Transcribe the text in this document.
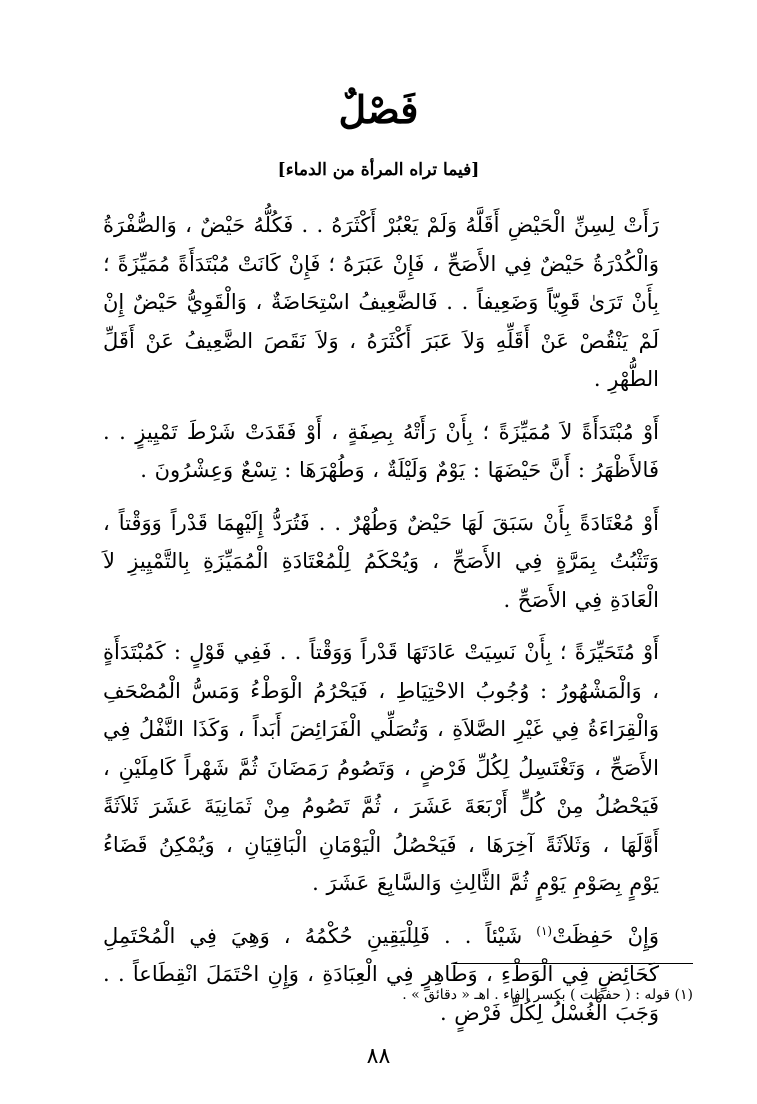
فَصْلٌ
[فيما تراه المرأة من الدماء]

رَأَتْ لِسِنِّ الْحَيْضِ أَقَلَّهُ وَلَمْ يَعْبُرْ أَكْثَرَهُ . . فَكُلُّهُ حَيْضٌ ، وَالصُّفْرَةُ وَالْكُدْرَةُ حَيْضٌ فِي الأَصَحِّ ، فَإِنْ عَبَرَهُ ؛ فَإِنْ كَانَتْ مُبْتَدَأَةً مُمَيِّزَةً ؛ بِأَنْ تَرَىٰ قَوِيّاً وَضَعِيفاً . . فَالضَّعِيفُ اسْتِحَاضَةٌ ، وَالْقَوِيُّ حَيْضٌ إِنْ لَمْ يَنْقُصْ عَنْ أَقَلِّهِ وَلاَ عَبَرَ أَكْثَرَهُ ، وَلاَ نَقَصَ الضَّعِيفُ عَنْ أَقَلِّ الطُّهْرِ .

أَوْ مُبْتَدَأَةً لاَ مُمَيِّزَةً ؛ بِأَنْ رَأَتْهُ بِصِفَةٍ ، أَوْ فَقَدَتْ شَرْطَ تَمْيِيزٍ . . فَالأَظْهَرُ : أَنَّ حَيْضَهَا : يَوْمٌ وَلَيْلَةٌ ، وَطُهْرَهَا : تِسْعٌ وَعِشْرُونَ .

أَوْ مُعْتَادَةً بِأَنْ سَبَقَ لَهَا حَيْضٌ وَطُهْرٌ . . فَتُرَدُّ إِلَيْهِمَا قَدْراً وَوَقْتاً ، وَتَثْبُتُ بِمَرَّةٍ فِي الأَصَحِّ ، وَيُحْكَمُ لِلْمُعْتَادَةِ الْمُمَيِّزَةِ بِالتَّمْيِيزِ لاَ الْعَادَةِ فِي الأَصَحِّ .

أَوْ مُتَحَيِّرَةً ؛ بِأَنْ نَسِيَتْ عَادَتَهَا قَدْراً وَوَقْتاً . . فَفِي قَوْلٍ : كَمُبْتَدَأَةٍ ، وَالْمَشْهُورُ : وُجُوبُ الاحْتِيَاطِ ، فَيَحْرُمُ الْوَطْءُ وَمَسُّ الْمُصْحَفِ وَالْقِرَاءَةُ فِي غَيْرِ الصَّلاَةِ ، وَتُصَلِّي الْفَرَائِضَ أَبَداً ، وَكَذَا النَّفْلُ فِي الأَصَحِّ ، وَتَغْتَسِلُ لِكُلِّ فَرْضٍ ، وَتَصُومُ رَمَضَانَ ثُمَّ شَهْراً كَامِلَيْنِ ، فَيَحْصُلُ مِنْ كُلٍّ أَرْبَعَةَ عَشَرَ ، ثُمَّ تَصُومُ مِنْ ثَمَانِيَةَ عَشَرَ ثَلاَثَةً أَوَّلَهَا ، وَثَلاَثَةً آخِرَهَا ، فَيَحْصُلُ الْيَوْمَانِ الْبَاقِيَانِ ، وَيُمْكِنُ قَضَاءُ يَوْمٍ بِصَوْمِ يَوْمٍ ثُمَّ الثَّالِثِ وَالسَّابِعَ عَشَرَ .

وَإِنْ حَفِظَتْ$^{(١)}$ شَيْئاً . . فَلِلْيَقِينِ حُكْمُهُ ، وَهِيَ فِي الْمُحْتَمِلِ كَحَائِضٍ فِي الْوَطْءِ ، وَطَاهِرٍ فِي الْعِبَادَةِ ، وَإِنِ احْتَمَلَ انْقِطَاعاً . . وَجَبَ الْغُسْلُ لِكُلِّ فَرْضٍ .

(١) قوله : ( حفظت ) بكسر الفاء . اهـ « دقائق » .
٨٨
